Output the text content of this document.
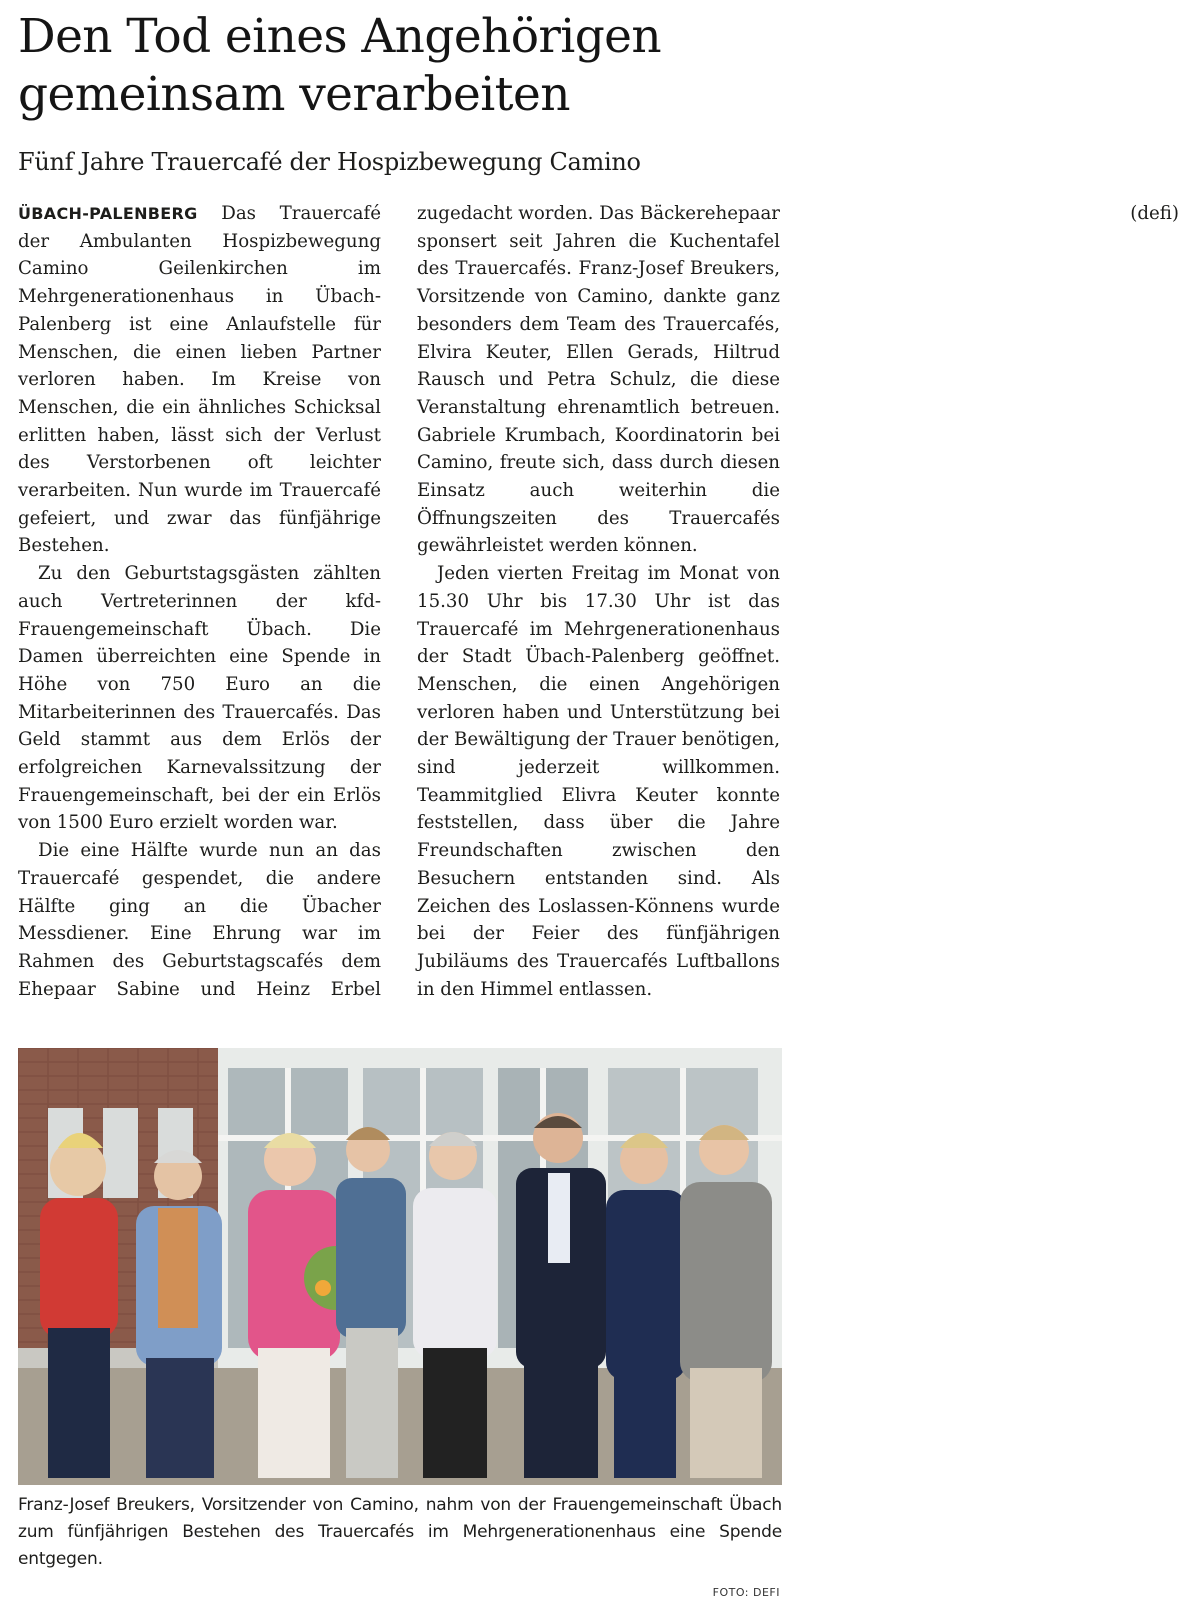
Den Tod eines Angehörigen gemeinsam verarbeiten
Fünf Jahre Trauercafé der Hospizbewegung Camino

ÜBACH-PALENBERG Das Trauercafé der Ambulanten Hospizbewegung Camino Geilenkirchen im Mehrgenerationenhaus in Übach-Palenberg ist eine Anlaufstelle für Menschen, die einen lieben Partner verloren haben. Im Kreise von Menschen, die ein ähnliches Schicksal erlitten haben, lässt sich der Verlust des Verstorbenen oft leichter verarbeiten. Nun wurde im Trauercafé gefeiert, und zwar das fünfjährige Bestehen.

Zu den Geburtstagsgästen zählten auch Vertreterinnen der kfd-Frauengemeinschaft Übach. Die Damen überreichten eine Spende in Höhe von 750 Euro an die Mitarbeiterinnen des Trauercafés. Das Geld stammt aus dem Erlös der erfolgreichen Karnevalssitzung der Frauengemeinschaft, bei der ein Erlös von 1500 Euro erzielt worden war.

Die eine Hälfte wurde nun an das Trauercafé gespendet, die andere Hälfte ging an die Übacher Messdiener. Eine Ehrung war im Rahmen des Geburtstagscafés dem Ehepaar Sabine und Heinz Erbel zugedacht worden. Das Bäckerehepaar sponsert seit Jahren die Kuchentafel des Trauercafés. Franz-Josef Breukers, Vorsitzende von Camino, dankte ganz besonders dem Team des Trauercafés, Elvira Keuter, Ellen Gerads, Hiltrud Rausch und Petra Schulz, die diese Veranstaltung ehrenamtlich betreuen. Gabriele Krumbach, Koordinatorin bei Camino, freute sich, dass durch diesen Einsatz auch weiterhin die Öffnungszeiten des Trauercafés gewährleistet werden können.

Jeden vierten Freitag im Monat von 15.30 Uhr bis 17.30 Uhr ist das Trauercafé im Mehrgenerationenhaus der Stadt Übach-Palenberg geöffnet. Menschen, die einen Angehörigen verloren haben und Unterstützung bei der Bewältigung der Trauer benötigen, sind jederzeit willkommen. Teammitglied Elivra Keuter konnte feststellen, dass über die Jahre Freundschaften zwischen den Besuchern entstanden sind. Als Zeichen des Loslassen-Könnens wurde bei der Feier des fünfjährigen Jubiläums des Trauercafés Luftballons in den Himmel entlassen.
(defi)

Franz-Josef Breukers, Vorsitzender von Camino, nahm von der Frauengemeinschaft Übach zum fünfjährigen Bestehen des Trauercafés im Mehrgenerationenhaus eine Spende entgegen.

FOTO: DEFI
